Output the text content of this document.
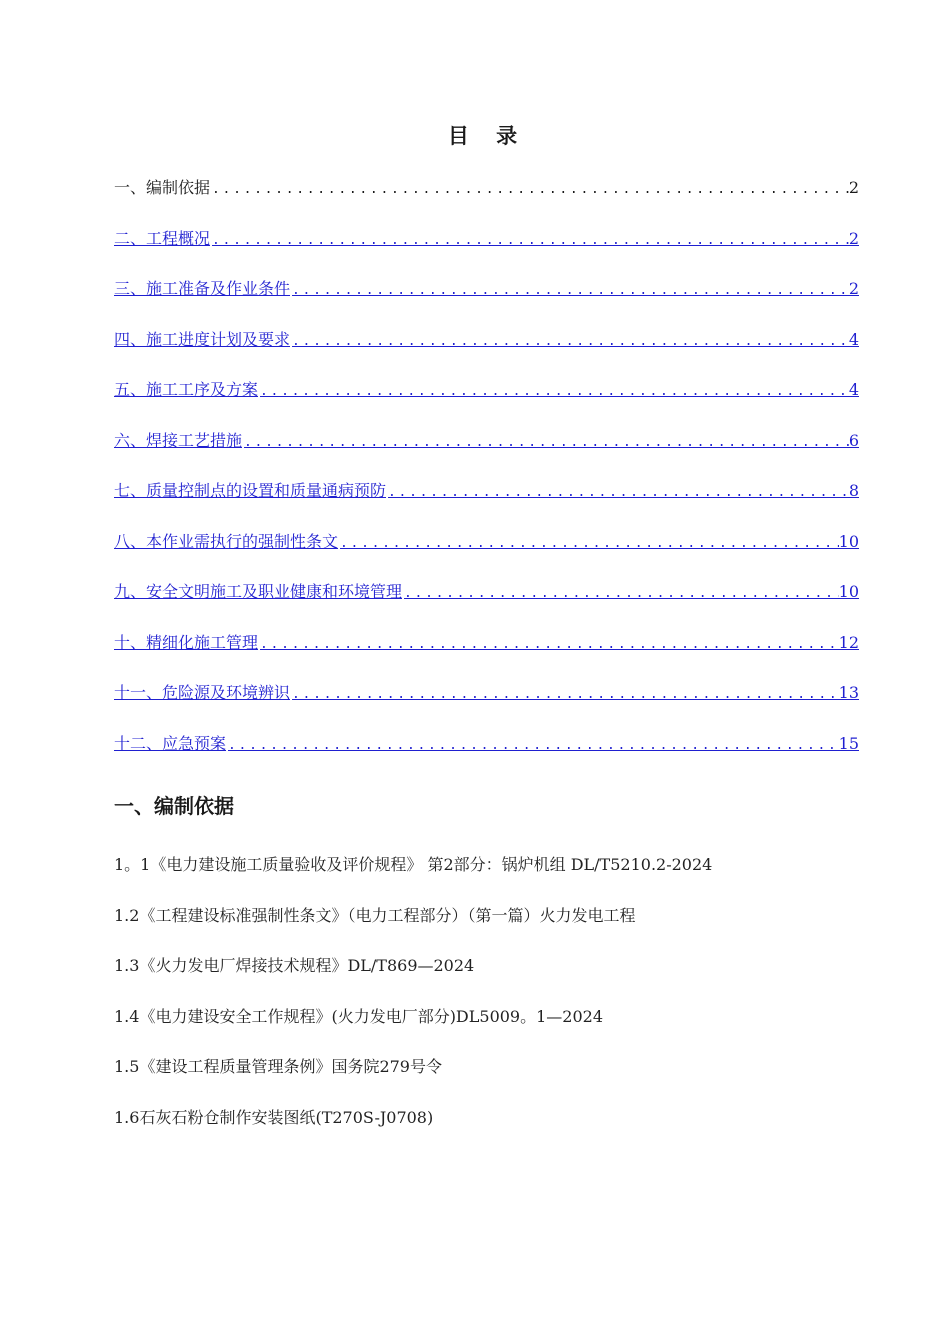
目 录
一、编制依据 .....	2
二、工程概况 .....	2
三、施工准备及作业条件 .....	2
四、施工进度计划及要求 .....	4
五、施工工序及方案 .....	4
六、焊接工艺措施 .....	6
七、质量控制点的设置和质量通病预防 .....	8
八、本作业需执行的强制性条文 .....	10
九、安全文明施工及职业健康和环境管理 .....	10
十、精细化施工管理 .....	12
十一、危险源及环境辨识 .....	13
十二、应急预案 .....	15
一、编制依据
1。1《电力建设施工质量验收及评价规程》 第2部分：锅炉机组 DL/T5210.2-2024
1.2《工程建设标准强制性条文》（电力工程部分）（第一篇）火力发电工程
1.3《火力发电厂焊接技术规程》DL/T869—2024
1.4《电力建设安全工作规程》(火力发电厂部分)DL5009。1—2024
1.5《建设工程质量管理条例》国务院279号令
1.6石灰石粉仓制作安装图纸(T270S-J0708)
